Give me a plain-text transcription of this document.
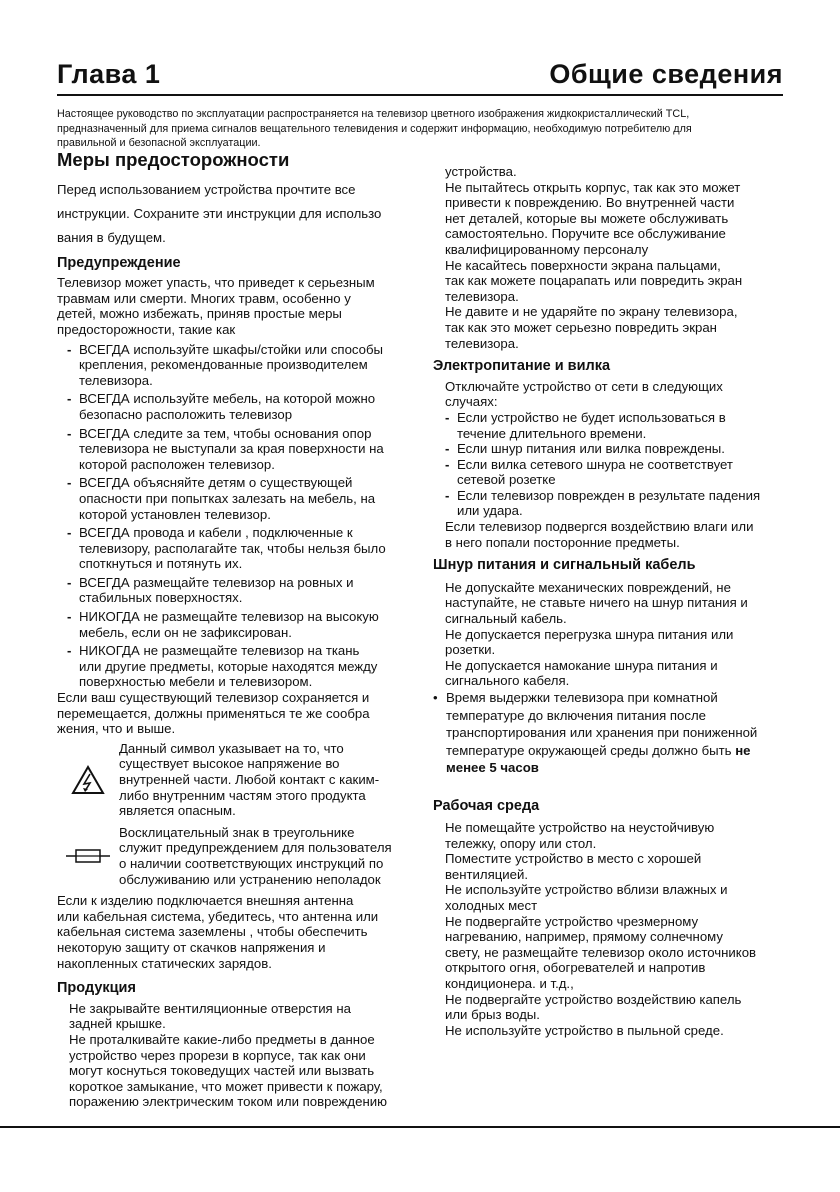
Глава 1	Общие сведения
Настоящее руководство по эксплуатации распространяется на телевизор цветного изображения жидкокристаллический TCL,
предназначенный для приема сигналов вещательного телевидения и содержит информацию, необходимую потребителю для
правильной и безопасной эксплуатации.
Меры предосторожности
Перед использованием устройства прочтите все
инструкции. Сохраните эти инструкции для использо
вания в будущем.
Предупреждение
Телевизор может упасть, что приведет к серьезным
травмам или смерти. Многих травм, особенно у
детей, можно избежать, приняв простые меры
предосторожности, такие как
- ВСЕГДА используйте шкафы/стойки или способы
крепления, рекомендованные производителем
телевизора.
- ВСЕГДА используйте мебель, на которой можно
безопасно расположить телевизор
- ВСЕГДА следите за тем, чтобы основания опор
телевизора не выступали за края поверхности на
которой расположен телевизор.
- ВСЕГДА объясняйте детям о существующей
опасности при попытках залезать на мебель, на
которой установлен телевизор.
- ВСЕГДА провода и кабели , подключенные к
телевизору, располагайте так, чтобы нельзя было
споткнуться и потянуть их.
- ВСЕГДА размещайте телевизор на ровных и
стабильных поверхностях.
- НИКОГДА не размещайте телевизор на высокую
мебель, если он не зафиксирован.
- НИКОГДА не размещайте телевизор на ткань
или другие предметы, которые находятся между
поверхностью мебели и телевизором.
Если ваш существующий телевизор сохраняется и
перемещается, должны применяться те же сообра
жения, что и выше.
Данный символ указывает на то, что
существует высокое напряжение во
внутренней части. Любой контакт с каким-
либо внутренним частям этого продукта
является опасным.
Восклицательный знак в треугольнике
служит предупреждением для пользователя
о наличии соответствующих инструкций по
обслуживанию или устранению неполадок
Если к изделию подключается внешняя антенна
или кабельная система, убедитесь, что антенна или
кабельная система заземлены , чтобы обеспечить
некоторую защиту от скачков напряжения и
накопленных статических зарядов.
Продукция
Не закрывайте вентиляционные отверстия на
задней крышке.
Не проталкивайте какие-либо предметы в данное
устройство через прорези в корпусе, так как они
могут коснуться токоведущих частей или вызвать
короткое замыкание, что может привести к пожару,
поражению электрическим током или повреждению
устройства.
Не пытайтесь открыть корпус, так как это может
привести к повреждению. Во внутренней части
нет деталей, которые вы можете обслуживать
самостоятельно. Поручите все обслуживание
квалифицированному персоналу
Не касайтесь поверхности экрана пальцами,
так как можете поцарапать или повредить экран
телевизора.
Не давите и не ударяйте по экрану телевизора,
так как это может серьезно повредить экран
телевизора.
Электропитание и вилка
Отключайте устройство от сети в следующих
случаях:
- Если устройство не будет использоваться в
течение длительного времени.
- Если шнур питания или вилка повреждены.
- Если вилка сетевого шнура не соответствует
сетевой розетке
- Если телевизор поврежден в результате падения
или удара.
Если телевизор подвергся воздействию влаги или
в него попали посторонние предметы.
Шнур питания и сигнальный кабель
Не допускайте механических повреждений, не
наступайте, не ставьте ничего на шнур питания и
сигнальный кабель.
Не допускается перегрузка шнура питания или
розетки.
Не допускается намокание шнура питания и
сигнального кабеля.
• Время выдержки телевизора при комнатной
температуре до включения питания после
транспортирования или хранения при пониженной
температуре окружающей среды должно быть не
менее 5 часов
Рабочая среда
Не помещайте устройство на неустойчивую
тележку, опору или стол.
Поместите устройство в место с хорошей
вентиляцией.
Не используйте устройство вблизи влажных и
холодных мест
Не подвергайте устройство чрезмерному
нагреванию, например, прямому солнечному
свету, не размещайте телевизор около источников
открытого огня, обогревателей и напротив
кондиционера. и т.д.,
Не подвергайте устройство воздействию капель
или брыз воды.
Не используйте устройство в пыльной среде.
